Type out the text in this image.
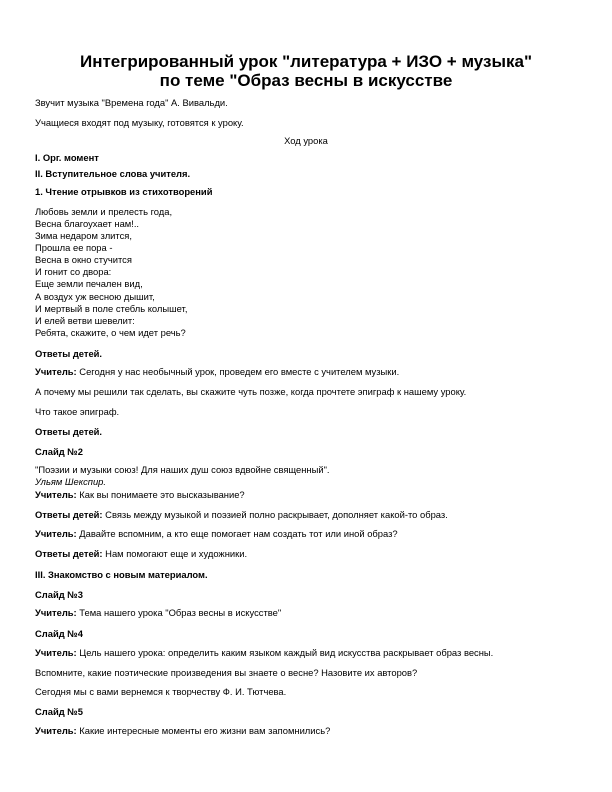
Интегрированный урок "литература + ИЗО + музыка"
по теме "Образ весны в искусстве
Звучит музыка "Времена года" А. Вивальди.
Учащиеся входят под музыку, готовятся к уроку.
Ход урока
I. Орг. момент
II. Вступительное слова учителя.
1. Чтение отрывков из стихотворений
Любовь земли и прелесть года,
Весна благоухает нам!..
Зима недаром злится,
Прошла ее пора -
Весна в окно стучится
И гонит со двора:
Еще земли печален вид,
А воздух уж весною дышит,
И мертвый в поле стебль колышет,
И елей ветви шевелит:
Ребята, скажите, о чем идет речь?
Ответы детей.
Учитель: Сегодня у нас необычный урок, проведем его вместе с учителем музыки.
А почему мы решили так сделать, вы скажите чуть позже, когда прочтете эпиграф к нашему уроку.
Что такое эпиграф.
Ответы детей.
Слайд №2
"Поэзии и музыки союз! Для наших душ союз вдвойне священный".
Ульям Шекспир.
Учитель: Как вы понимаете это высказывание?
Ответы детей: Связь между музыкой и поэзией полно раскрывает, дополняет какой-то образ.
Учитель: Давайте вспомним, а кто еще помогает нам создать тот или иной образ?
Ответы детей: Нам помогают еще и художники.
III. Знакомство с новым материалом.
Слайд №3
Учитель: Тема нашего урока "Образ весны в искусстве"
Слайд №4
Учитель: Цель нашего урока: определить каким языком каждый вид искусства раскрывает образ весны.
Вспомните, какие поэтические произведения вы знаете о весне? Назовите их авторов?
Сегодня мы с вами вернемся к творчеству Ф. И. Тютчева.
Слайд №5
Учитель: Какие интересные моменты его жизни вам запомнились?
